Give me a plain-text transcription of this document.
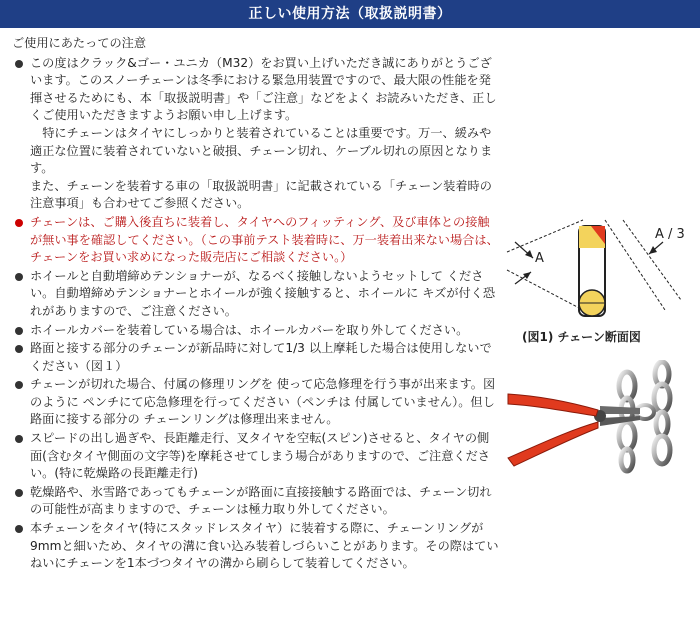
正しい使用方法（取扱説明書）
ご使用にあたっての注意

この度はクラック&ゴー・ユニカ（M32）をお買い上げいただき誠にありがとうございます。このスノーチェーンは冬季における緊急用装置ですので、最大限の性能を発揮させるためにも、本「取扱説明書」や「ご注意」などをよく お読みいただき、正しくご使用いただきますようお願い申し上げます。

特にチェーンはタイヤにしっかりと装着されていることは重要です。万一、緩みや適正な位置に装着されていないと破損、チェーン切れ、ケーブル切れの原因となります。

また、チェーンを装着する車の「取扱説明書」に記載されている「チェーン装着時の注意事項」も合わせてご参照ください。

チェーンは、ご購入後直ちに装着し、タイヤへのフィッティング、及び車体との接触が無い事を確認してください。（この事前テスト装着時に、万一装着出来ない場合は、チェーンをお買い求めになった販売店にご相談ください。）

ホイールと自動増締めテンショナーが、なるべく接触しないようセットして ください。自動増締めテンショナーとホイールが強く接触すると、ホイールに キズが付く恐れがありますので、ご注意ください。

ホイールカバーを装着している場合は、ホイールカバーを取り外してください。

路面と接する部分のチェーンが新品時に対して1/3 以上摩耗した場合は使用しないでください（図１）

チェーンが切れた場合、付属の修理リングを 使って応急修理を行う事が出来ます。図のように ペンチにて応急修理を行ってください（ペンチは 付属していません）。但し路面に接する部分の チェーンリングは修理出来ません。

スピードの出し過ぎや、長距離走行、叉タイヤを空転(スピン)させると、タイヤの側面(含むタイヤ側面の文字等)を摩耗させてしまう場合がありますので、ご注意ください。(特に乾燥路の長距離走行)

乾燥路や、氷雪路であってもチェーンが路面に直接接触する路面では、チェーン切れの可能性が高まりますので、チェーンは極力取り外してください。

本チェーンをタイヤ(特にスタッドレスタイヤ）に装着する際に、チェーンリングが9mmと細いため、タイヤの溝に食い込み装着しづらいことがあります。その際はていねいにチェーンを1本づつタイヤの溝から刷らして装着してください。

A
A / 3
(図1) チェーン断面図
